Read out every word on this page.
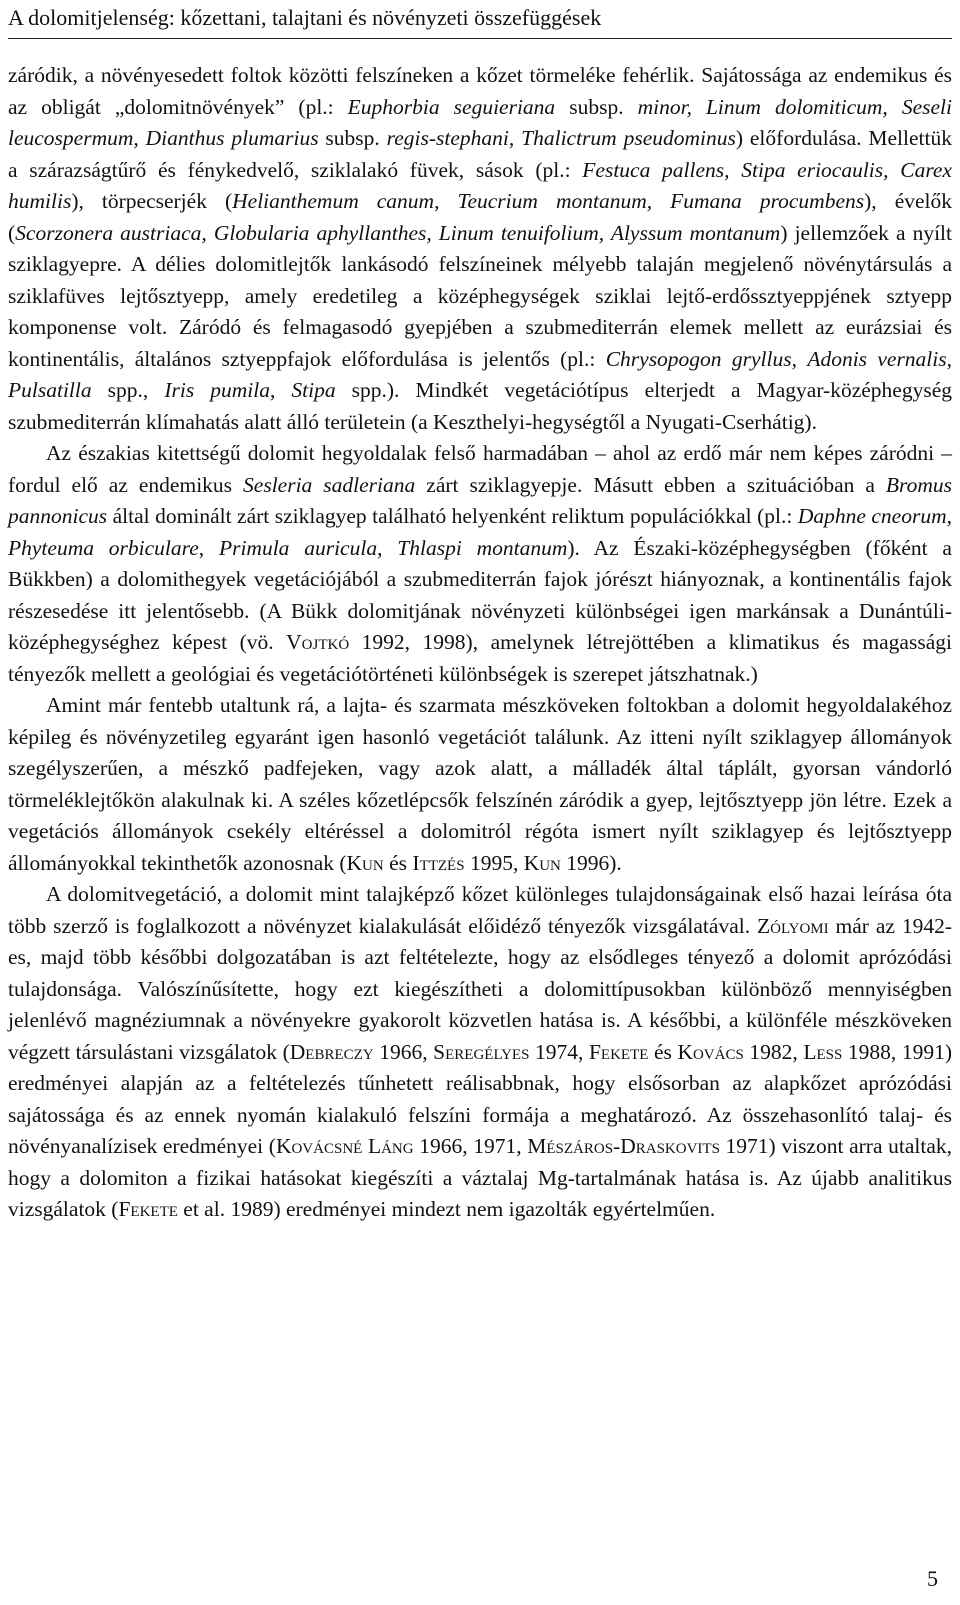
A dolomitjelenség: kőzettani, talajtani és növényzeti összefüggések

záródik, a növényesedett foltok közötti felszíneken a kőzet törmeléke fehérlik. Sajátossága az endemikus és az obligát „dolomitnövények” (pl.: Euphorbia seguieriana subsp. minor, Linum dolomiticum, Seseli leucospermum, Dianthus plumarius subsp. regis-stephani, Thalictrum pseudominus) előfordulása. Mellettük a szárazságtűrő és fénykedvelő, sziklalakó füvek, sások (pl.: Festuca pallens, Stipa eriocaulis, Carex humilis), törpecserjék (Helianthemum canum, Teucrium montanum, Fumana procumbens), évelők (Scorzonera austriaca, Globularia aphyllanthes, Linum tenuifolium, Alyssum montanum) jellemzőek a nyílt sziklagyepre. A délies dolomitlejtők lankásodó felszíneinek mélyebb talaján megjelenő növénytársulás a sziklafüves lejtősztyepp, amely eredetileg a középhegységek sziklai lejtő-erdőssztyeppjének sztyepp komponense volt. Záródó és felmagasodó gyepjében a szubmediterrán elemek mellett az eurázsiai és kontinentális, általános sztyeppfajok előfordulása is jelentős (pl.: Chrysopogon gryllus, Adonis vernalis, Pulsatilla spp., Iris pumila, Stipa spp.). Mindkét vegetációtípus elterjedt a Magyar-középhegység szubmediterrán klímahatás alatt álló területein (a Keszthelyi-hegységtől a Nyugati-Cserhátig).

Az északias kitettségű dolomit hegyoldalak felső harmadában – ahol az erdő már nem képes záródni – fordul elő az endemikus Sesleria sadleriana zárt sziklagyepje. Másutt ebben a szituációban a Bromus pannonicus által dominált zárt sziklagyep található helyenként reliktum populációkkal (pl.: Daphne cneorum, Phyteuma orbiculare, Primula auricula, Thlaspi montanum). Az Északi-középhegységben (főként a Bükkben) a dolomithegyek vegetációjából a szubmediterrán fajok jórészt hiányoznak, a kontinentális fajok részesedése itt jelentősebb. (A Bükk dolomitjának növényzeti különbségei igen markánsak a Dunántúli-középhegységhez képest (vö. Vojtkó 1992, 1998), amelynek létrejöttében a klimatikus és magassági tényezők mellett a geológiai és vegetációtörténeti különbségek is szerepet játszhatnak.)

Amint már fentebb utaltunk rá, a lajta- és szarmata mészköveken foltokban a dolomit hegyoldalakéhoz képileg és növényzetileg egyaránt igen hasonló vegetációt találunk. Az itteni nyílt sziklagyep állományok szegélyszerűen, a mészkő padfejeken, vagy azok alatt, a málladék által táplált, gyorsan vándorló törmeléklejtőkön alakulnak ki. A széles kőzetlépcsők felszínén záródik a gyep, lejtősztyepp jön létre. Ezek a vegetációs állományok csekély eltéréssel a dolomitról régóta ismert nyílt sziklagyep és lejtősztyepp állományokkal tekinthetők azonosnak (Kun és Ittzés 1995, Kun 1996).

A dolomitvegetáció, a dolomit mint talajképző kőzet különleges tulajdonságainak első hazai leírása óta több szerző is foglalkozott a növényzet kialakulását előidéző tényezők vizsgálatával. Zólyomi már az 1942-es, majd több későbbi dolgozatában is azt feltételezte, hogy az elsődleges tényező a dolomit aprózódási tulajdonsága. Valószínűsítette, hogy ezt kiegészítheti a dolomittípusokban különböző mennyiségben jelenlévő magnéziumnak a növényekre gyakorolt közvetlen hatása is. A későbbi, a különféle mészköveken végzett társulástani vizsgálatok (Debreczy 1966, Seregélyes 1974, Fekete és Kovács 1982, Less 1988, 1991) eredményei alapján az a feltételezés tűnhetett reálisabbnak, hogy elsősorban az alapkőzet aprózódási sajátossága és az ennek nyomán kialakuló felszíni formája a meghatározó. Az összehasonlító talaj- és növényanalízisek eredményei (Kovácsné Láng 1966, 1971, Mészáros-Draskovits 1971) viszont arra utaltak, hogy a dolomiton a fizikai hatásokat kiegészíti a váztalaj Mg-tartalmának hatása is. Az újabb analitikus vizsgálatok (Fekete et al. 1989) eredményei mindezt nem igazolták egyértelműen.

5
